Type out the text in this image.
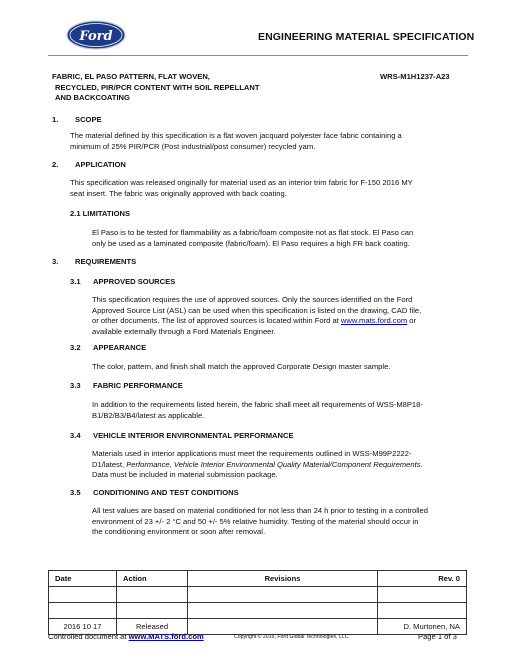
Ford	ENGINEERING MATERIAL SPECIFICATION
FABRIC, EL PASO PATTERN, FLAT WOVEN,
RECYCLED, PIR/PCR CONTENT WITH SOIL REPELLANT
AND BACKCOATING
WRS-M1H1237-A23
1. SCOPE
The material defined by this specification is a flat woven jacquard polyester face fabric containing a
minimum of 25% PIR/PCR (Post industrial/post consumer) recycled yarn.
2. APPLICATION
This specification was released originally for material used as an interior trim fabric for F-150 2016 MY
seat insert. The fabric was originally approved with back coating.
2.1 LIMITATIONS
El Paso is to be tested for flammability as a fabric/foam composite not as flat stock. El Paso can
only be used as a laminated composite (fabric/foam). El Paso requires a high FR back coating.
3. REQUIREMENTS
3.1 APPROVED SOURCES
This specification requires the use of approved sources. Only the sources identified on the Ford
Approved Source List (ASL) can be used when this specification is listed on the drawing, CAD file,
or other documents. The list of approved sources is located within Ford at www.mats.ford.com or
available externally through a Ford Materials Engineer.
3.2 APPEARANCE
The color, pattern, and finish shall match the approved Corporate Design master sample.
3.3 FABRIC PERFORMANCE
In addition to the requirements listed herein, the fabric shall meet all requirements of WSS-M8P18-
B1/B2/B3/B4/latest as applicable.
3.4 VEHICLE INTERIOR ENVIRONMENTAL PERFORMANCE
Materials used in interior applications must meet the requirements outlined in WSS-M99P2222-
D1/latest, Performance, Vehicle Interior Environmental Quality Material/Component Requirements.
Data must be included in material submission package.
3.5 CONDITIONING AND TEST CONDITIONS
All test values are based on material conditioned for not less than 24 h prior to testing in a controlled
environment of 23 +/- 2 °C and 50 +/- 5% relative humidity. Testing of the material should occur in
the conditioning environment or soon after removal.
Date	Action	Revisions	Rev. 0

2016 10 17	Released		D. Murtonen, NA
Controlled document at www.MATS.ford.com	Copyright © 2016, Ford Global Technologies, LLC	Page 1 of 3
